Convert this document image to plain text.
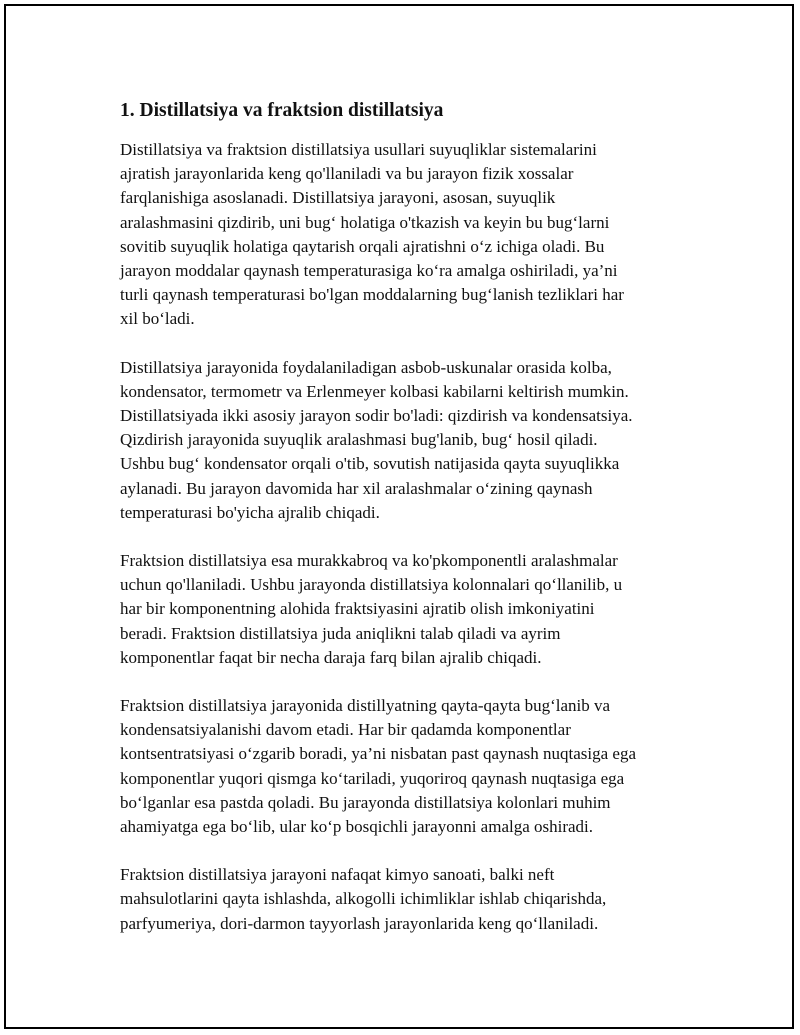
1. Distillatsiya va fraktsion distillatsiya

Distillatsiya va fraktsion distillatsiya usullari suyuqliklar sistemalarini
ajratish jarayonlarida keng qo'llaniladi va bu jarayon fizik xossalar
farqlanishiga asoslanadi. Distillatsiya jarayoni, asosan, suyuqlik
aralashmasini qizdirib, uni bug‘ holatiga o'tkazish va keyin bu bug‘larni
sovitib suyuqlik holatiga qaytarish orqali ajratishni o‘z ichiga oladi. Bu
jarayon moddalar qaynash temperaturasiga ko‘ra amalga oshiriladi, ya’ni
turli qaynash temperaturasi bo'lgan moddalarning bug‘lanish tezliklari har
xil bo‘ladi.

Distillatsiya jarayonida foydalaniladigan asbob-uskunalar orasida kolba,
kondensator, termometr va Erlenmeyer kolbasi kabilarni keltirish mumkin.
Distillatsiyada ikki asosiy jarayon sodir bo'ladi: qizdirish va kondensatsiya.
Qizdirish jarayonida suyuqlik aralashmasi bug'lanib, bug‘ hosil qiladi.
Ushbu bug‘ kondensator orqali o'tib, sovutish natijasida qayta suyuqlikka
aylanadi. Bu jarayon davomida har xil aralashmalar o‘zining qaynash
temperaturasi bo'yicha ajralib chiqadi.

Fraktsion distillatsiya esa murakkabroq va ko'pkomponentli aralashmalar
uchun qo'llaniladi. Ushbu jarayonda distillatsiya kolonnalari qo‘llanilib, u
har bir komponentning alohida fraktsiyasini ajratib olish imkoniyatini
beradi. Fraktsion distillatsiya juda aniqlikni talab qiladi va ayrim
komponentlar faqat bir necha daraja farq bilan ajralib chiqadi.

Fraktsion distillatsiya jarayonida distillyatning qayta-qayta bug‘lanib va
kondensatsiyalanishi davom etadi. Har bir qadamda komponentlar
kontsentratsiyasi o‘zgarib boradi, ya’ni nisbatan past qaynash nuqtasiga ega
komponentlar yuqori qismga ko‘tariladi, yuqoriroq qaynash nuqtasiga ega
bo‘lganlar esa pastda qoladi. Bu jarayonda distillatsiya kolonlari muhim
ahamiyatga ega bo‘lib, ular ko‘p bosqichli jarayonni amalga oshiradi.

Fraktsion distillatsiya jarayoni nafaqat kimyo sanoati, balki neft
mahsulotlarini qayta ishlashda, alkogolli ichimliklar ishlab chiqarishda,
parfyumeriya, dori-darmon tayyorlash jarayonlarida keng qo‘llaniladi.
